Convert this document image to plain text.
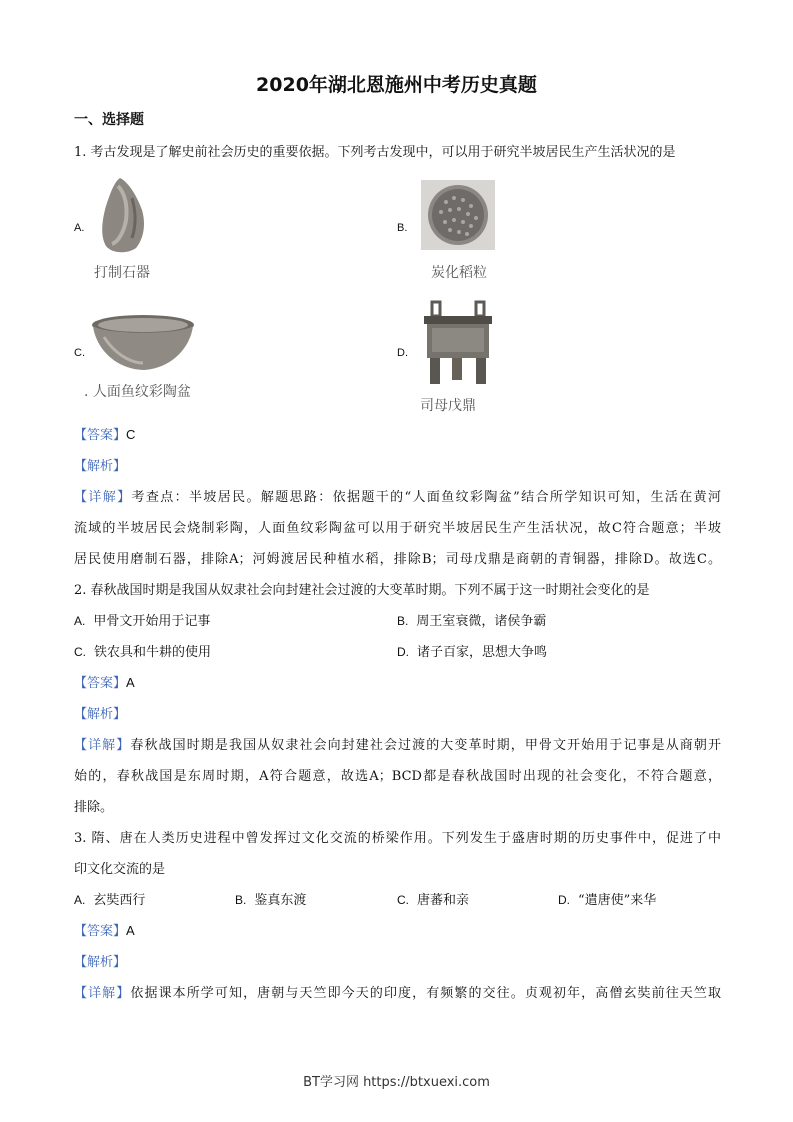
2020年湖北恩施州中考历史真题
一、选择题
1. 考古发现是了解史前社会历史的重要依据。下列考古发现中，可以用于研究半坡居民生产生活状况的是
A.
打制石器
B.
炭化稻粒
C.
. 人面鱼纹彩陶盆
D.
司母戊鼎
【答案】C
【解析】
【详解】考查点：半坡居民。解题思路：依据题干的“人面鱼纹彩陶盆”结合所学知识可知，生活在黄河
流域的半坡居民会烧制彩陶，人面鱼纹彩陶盆可以用于研究半坡居民生产生活状况，故C符合题意；半坡
居民使用磨制石器，排除A；河姆渡居民种植水稻，排除B；司母戊鼎是商朝的青铜器，排除D。故选C。
2. 春秋战国时期是我国从奴隶社会向封建社会过渡的大变革时期。下列不属于这一时期社会变化的是
A. 甲骨文开始用于记事	B. 周王室衰微，诸侯争霸
C. 铁农具和牛耕的使用	D. 诸子百家，思想大争鸣
【答案】A
【解析】
【详解】春秋战国时期是我国从奴隶社会向封建社会过渡的大变革时期，甲骨文开始用于记事是从商朝开
始的，春秋战国是东周时期，A符合题意，故选A；BCD都是春秋战国时出现的社会变化，不符合题意，
排除。
3. 隋、唐在人类历史进程中曾发挥过文化交流的桥梁作用。下列发生于盛唐时期的历史事件中，促进了中
印文化交流的是
A. 玄奘西行	B. 鉴真东渡	C. 唐蕃和亲	D. “遣唐使”来华
【答案】A
【解析】
【详解】依据课本所学可知，唐朝与天竺即今天的印度，有频繁的交往。贞观初年，高僧玄奘前往天竺取
BT学习网 https://btxuexi.com
